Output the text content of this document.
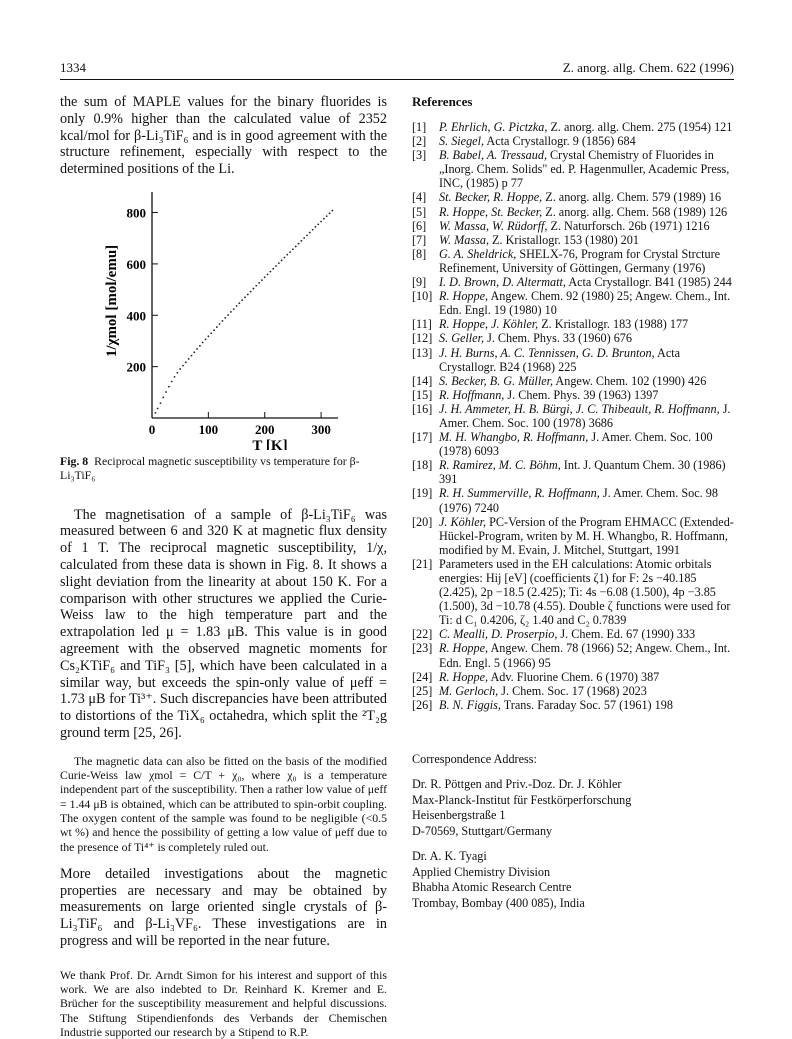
1334	Z. anorg. allg. Chem. 622 (1996)

the sum of MAPLE values for the binary fluorides is only 0.9% higher than the calculated value of 2352 kcal/mol for β-Li₃TiF₆ and is in good agreement with the structure refinement, especially with respect to the determined positions of the Li.

200
400
600
800
0	100	200	300
T [K]
1/χmol [mol/emu]

Fig. 8 Reciprocal magnetic susceptibility vs temperature for β-Li₃TiF₆

The magnetisation of a sample of β-Li₃TiF₆ was measured between 6 and 320 K at magnetic flux density of 1 T. The reciprocal magnetic susceptibility, 1/χ, calculated from these data is shown in Fig. 8. It shows a slight deviation from the linearity at about 150 K. For a comparison with other structures we applied the Curie-Weiss law to the high temperature part and the extrapolation led μ = 1.83 μB. This value is in good agreement with the observed magnetic moments for Cs₂KTiF₆ and TiF₃ [5], which have been calculated in a similar way, but exceeds the spin-only value of μeff = 1.73 μB for Ti³⁺. Such discrepancies have been attributed to distortions of the TiX₆ octahedra, which split the ²T₂g ground term [25, 26].

The magnetic data can also be fitted on the basis of the modified Curie-Weiss law χmol = C/T + χ₀, where χ₀ is a temperature independent part of the susceptibility. Then a rather low value of μeff = 1.44 μB is obtained, which can be attributed to spin-orbit coupling. The oxygen content of the sample was found to be negligible (<0.5 wt %) and hence the possibility of getting a low value of μeff due to the presence of Ti⁴⁺ is completely ruled out.

More detailed investigations about the magnetic properties are necessary and may be obtained by measurements on large oriented single crystals of β-Li₃TiF₆ and β-Li₃VF₆. These investigations are in progress and will be reported in the near future.

We thank Prof. Dr. Arndt Simon for his interest and support of this work. We are also indebted to Dr. Reinhard K. Kremer and E. Brücher for the susceptibility measurement and helpful discussions. The Stiftung Stipendienfonds des Verbands der Chemischen Industrie supported our research by a Stipend to R.P.

References
[1]	P. Ehrlich, G. Pictzka, Z. anorg. allg. Chem. 275 (1954) 121
[2]	S. Siegel, Acta Crystallogr. 9 (1856) 684
[3]	B. Babel, A. Tressaud, Crystal Chemistry of Fluorides in „Inorg. Chem. Solids" ed. P. Hagenmuller, Academic Press, INC, (1985) p 77
[4]	St. Becker, R. Hoppe, Z. anorg. allg. Chem. 579 (1989) 16
[5]	R. Hoppe, St. Becker, Z. anorg. allg. Chem. 568 (1989) 126
[6]	W. Massa, W. Rüdorff, Z. Naturforsch. 26b (1971) 1216
[7]	W. Massa, Z. Kristallogr. 153 (1980) 201
[8]	G. A. Sheldrick, SHELX-76, Program for Crystal Strcture Refinement, University of Göttingen, Germany (1976)
[9]	I. D. Brown, D. Altermatt, Acta Crystallogr. B41 (1985) 244
[10] R. Hoppe, Angew. Chem. 92 (1980) 25; Angew. Chem., Int. Edn. Engl. 19 (1980) 10
[11] R. Hoppe, J. Köhler, Z. Kristallogr. 183 (1988) 177
[12] S. Geller, J. Chem. Phys. 33 (1960) 676
[13] J. H. Burns, A. C. Tennissen, G. D. Brunton, Acta Crystallogr. B24 (1968) 225
[14] S. Becker, B. G. Müller, Angew. Chem. 102 (1990) 426
[15] R. Hoffmann, J. Chem. Phys. 39 (1963) 1397
[16] J. H. Ammeter, H. B. Bürgi, J. C. Thibeault, R. Hoffmann, J. Amer. Chem. Soc. 100 (1978) 3686
[17] M. H. Whangbo, R. Hoffmann, J. Amer. Chem. Soc. 100 (1978) 6093
[18] R. Ramirez, M. C. Böhm, Int. J. Quantum Chem. 30 (1986) 391
[19] R. H. Summerville, R. Hoffmann, J. Amer. Chem. Soc. 98 (1976) 7240
[20] J. Köhler, PC-Version of the Program EHMACC (Extended-Hückel-Program, writen by M. H. Whangbo, R. Hoffmann, modified by M. Evain, J. Mitchel, Stuttgart, 1991
[21] Parameters used in the EH calculations: Atomic orbitals energies: Hij [eV] (coefficients ζ1) for F: 2s −40.185 (2.425), 2p −18.5 (2.425); Ti: 4s −6.08 (1.500), 4p −3.85 (1.500), 3d −10.78 (4.55). Double ζ functions were used for Ti: d C₁ 0.4206, ζ₂ 1.40 and C₂ 0.7839
[22] C. Mealli, D. Proserpio, J. Chem. Ed. 67 (1990) 333
[23] R. Hoppe, Angew. Chem. 78 (1966) 52; Angew. Chem., Int. Edn. Engl. 5 (1966) 95
[24] R. Hoppe, Adv. Fluorine Chem. 6 (1970) 387
[25] M. Gerloch, J. Chem. Soc. 17 (1968) 2023
[26] B. N. Figgis, Trans. Faraday Soc. 57 (1961) 198
Correspondence Address:
Dr. R. Pöttgen and Priv.-Doz. Dr. J. Köhler
Max-Planck-Institut für Festkörperforschung
Heisenbergstraße 1
D-70569, Stuttgart/Germany
Dr. A. K. Tyagi
Applied Chemistry Division
Bhabha Atomic Research Centre
Trombay, Bombay (400 085), India
